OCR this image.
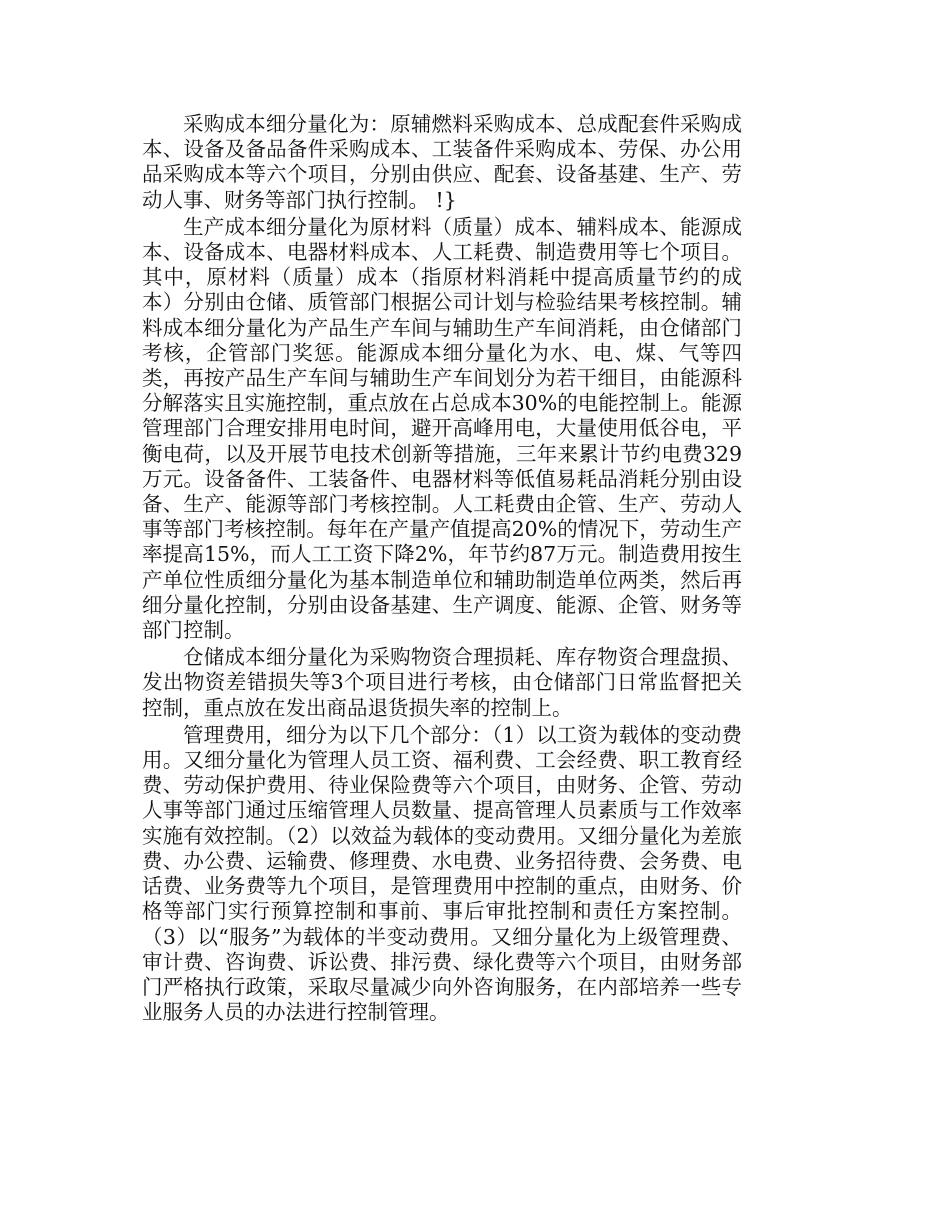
采购成本细分量化为：原辅燃料采购成本、总成配套件采购成本、设备及备品备件采购成本、工装备件采购成本、劳保、办公用品采购成本等六个项目，分别由供应、配套、设备基建、生产、劳动人事、财务等部门执行控制。 !}

生产成本细分量化为原材料（质量）成本、辅料成本、能源成本、设备成本、电器材料成本、人工耗费、制造费用等七个项目。其中，原材料（质量）成本（指原材料消耗中提高质量节约的成本）分别由仓储、质管部门根据公司计划与检验结果考核控制。辅料成本细分量化为产品生产车间与辅助生产车间消耗，由仓储部门考核，企管部门奖惩。能源成本细分量化为水、电、煤、气等四类，再按产品生产车间与辅助生产车间划分为若干细目，由能源科分解落实且实施控制，重点放在占总成本30%的电能控制上。能源管理部门合理安排用电时间，避开高峰用电，大量使用低谷电，平衡电荷，以及开展节电技术创新等措施，三年来累计节约电费329万元。设备备件、工装备件、电器材料等低值易耗品消耗分别由设备、生产、能源等部门考核控制。人工耗费由企管、生产、劳动人事等部门考核控制。每年在产量产值提高20%的情况下，劳动生产率提高15%，而人工工资下降2%，年节约87万元。制造费用按生产单位性质细分量化为基本制造单位和辅助制造单位两类，然后再细分量化控制，分别由设备基建、生产调度、能源、企管、财务等部门控制。

仓储成本细分量化为采购物资合理损耗、库存物资合理盘损、发出物资差错损失等3个项目进行考核，由仓储部门日常监督把关控制，重点放在发出商品退货损失率的控制上。

管理费用，细分为以下几个部分：（1）以工资为载体的变动费用。又细分量化为管理人员工资、福利费、工会经费、职工教育经费、劳动保护费用、待业保险费等六个项目，由财务、企管、劳动人事等部门通过压缩管理人员数量、提高管理人员素质与工作效率实施有效控制。（2）以效益为载体的变动费用。又细分量化为差旅费、办公费、运输费、修理费、水电费、业务招待费、会务费、电话费、业务费等九个项目，是管理费用中控制的重点，由财务、价格等部门实行预算控制和事前、事后审批控制和责任方案控制。（3）以“服务”为载体的半变动费用。又细分量化为上级管理费、审计费、咨询费、诉讼费、排污费、绿化费等六个项目，由财务部门严格执行政策，采取尽量减少向外咨询服务，在内部培养一些专业服务人员的办法进行控制管理。
